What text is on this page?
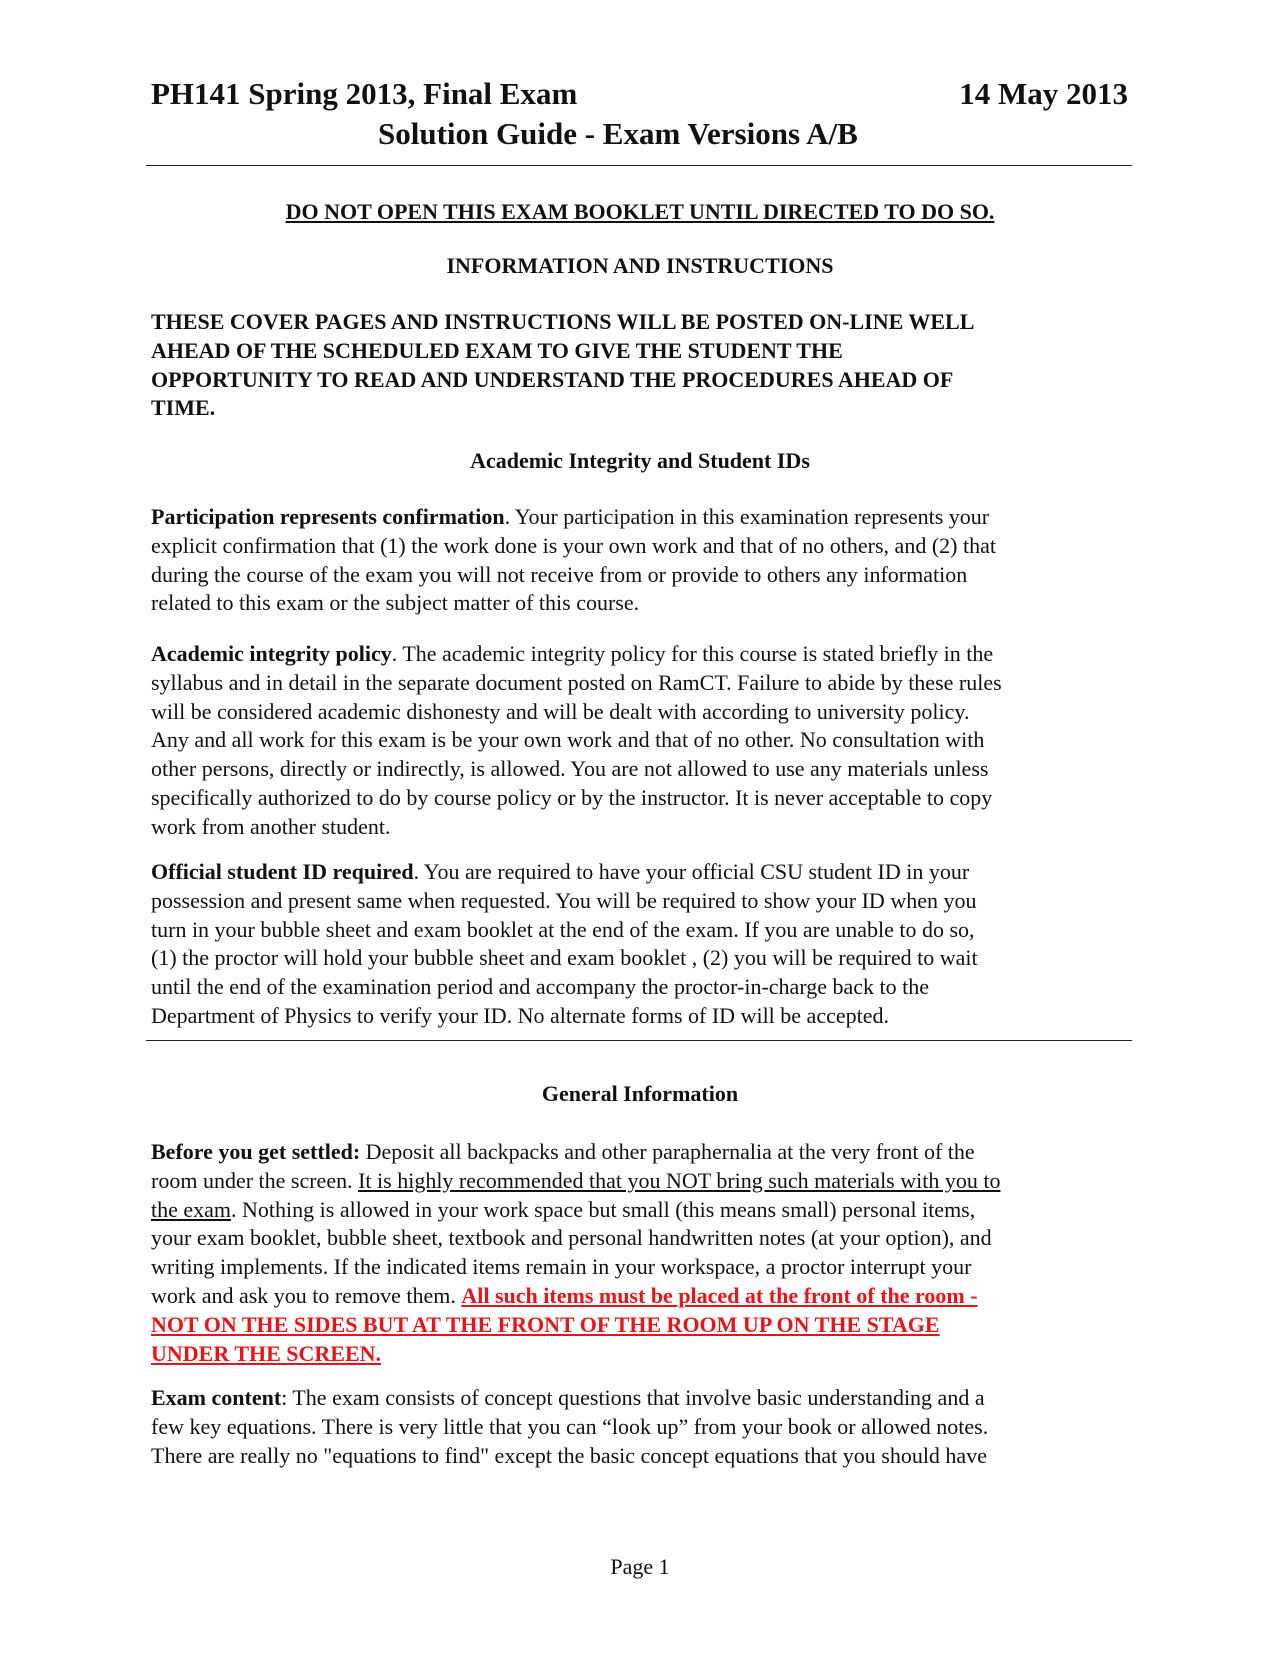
PH141 Spring 2013, Final Exam	14 May 2013
Solution Guide - Exam Versions A/B
DO NOT OPEN THIS EXAM BOOKLET UNTIL DIRECTED TO DO SO.
INFORMATION AND INSTRUCTIONS
THESE COVER PAGES AND INSTRUCTIONS WILL BE POSTED ON-LINE WELL
AHEAD OF THE SCHEDULED EXAM TO GIVE THE STUDENT THE
OPPORTUNITY TO READ AND UNDERSTAND THE PROCEDURES AHEAD OF
TIME.
Academic Integrity and Student IDs
Participation represents confirmation. Your participation in this examination represents your
explicit confirmation that (1) the work done is your own work and that of no others, and (2) that
during the course of the exam you will not receive from or provide to others any information
related to this exam or the subject matter of this course.
Academic integrity policy. The academic integrity policy for this course is stated briefly in the
syllabus and in detail in the separate document posted on RamCT. Failure to abide by these rules
will be considered academic dishonesty and will be dealt with according to university policy.
Any and all work for this exam is be your own work and that of no other. No consultation with
other persons, directly or indirectly, is allowed. You are not allowed to use any materials unless
specifically authorized to do by course policy or by the instructor. It is never acceptable to copy
work from another student.
Official student ID required. You are required to have your official CSU student ID in your
possession and present same when requested. You will be required to show your ID when you
turn in your bubble sheet and exam booklet at the end of the exam. If you are unable to do so,
(1) the proctor will hold your bubble sheet and exam booklet , (2) you will be required to wait
until the end of the examination period and accompany the proctor-in-charge back to the
Department of Physics to verify your ID. No alternate forms of ID will be accepted.
General Information
Before you get settled: Deposit all backpacks and other paraphernalia at the very front of the
room under the screen. It is highly recommended that you NOT bring such materials with you to
the exam. Nothing is allowed in your work space but small (this means small) personal items,
your exam booklet, bubble sheet, textbook and personal handwritten notes (at your option), and
writing implements. If the indicated items remain in your workspace, a proctor interrupt your
work and ask you to remove them. All such items must be placed at the front of the room -
NOT ON THE SIDES BUT AT THE FRONT OF THE ROOM UP ON THE STAGE
UNDER THE SCREEN.
Exam content: The exam consists of concept questions that involve basic understanding and a
few key equations. There is very little that you can “look up” from your book or allowed notes.
There are really no "equations to find" except the basic concept equations that you should have
Page 1
